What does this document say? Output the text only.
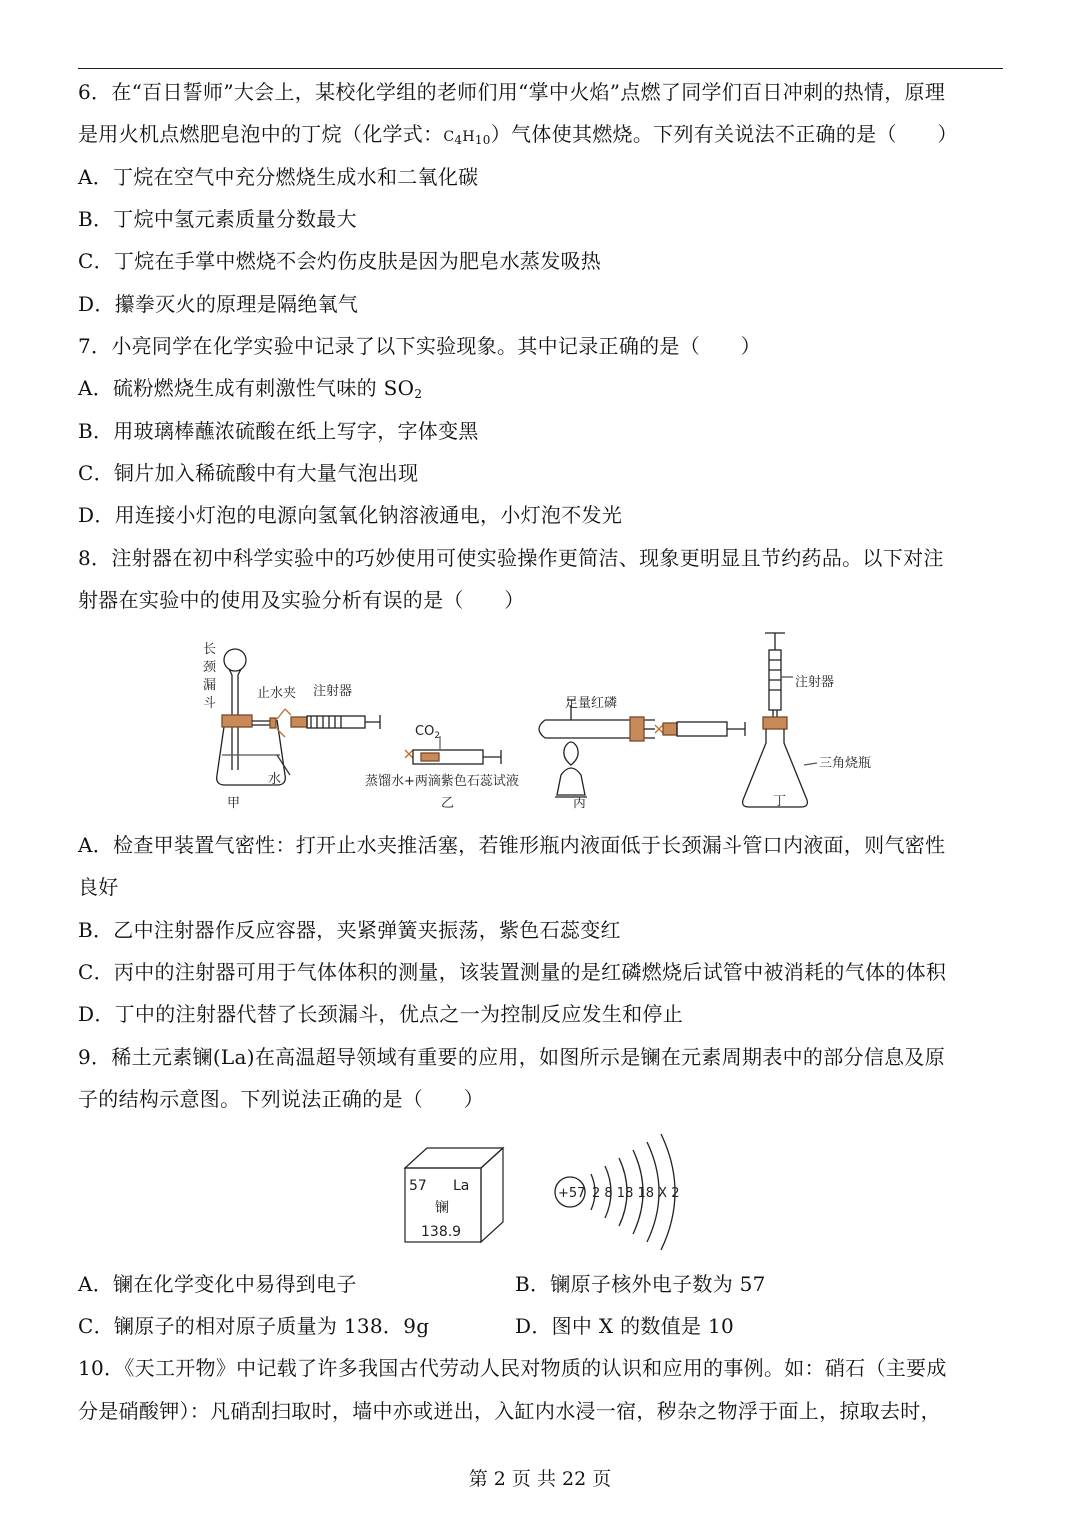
6．在“百日誓师”大会上，某校化学组的老师们用“掌中火焰”点燃了同学们百日冲刺的热情，原理
是用火机点燃肥皂泡中的丁烷（化学式：$C_4H_{10}$）气体使其燃烧。下列有关说法不正确的是（　　）
A．丁烷在空气中充分燃烧生成水和二氧化碳
B．丁烷中氢元素质量分数最大
C．丁烷在手掌中燃烧不会灼伤皮肤是因为肥皂水蒸发吸热
D．攥拳灭火的原理是隔绝氧气
7．小亮同学在化学实验中记录了以下实验现象。其中记录正确的是（　　）
A．硫粉燃烧生成有刺激性气味的 $SO_2$
B．用玻璃棒蘸浓硫酸在纸上写字，字体变黑
C．铜片加入稀硫酸中有大量气泡出现
D．用连接小灯泡的电源向氢氧化钠溶液通电，小灯泡不发光
8．注射器在初中科学实验中的巧妙使用可使实验操作更简洁、现象更明显且节约药品。以下对注
射器在实验中的使用及实验分析有误的是（　　）
长
颈
漏
斗
止水夹 注射器
水
$CO_2$
蒸馏水+两滴紫色石蕊试液
足量红磷
注射器
三角烧瓶
甲	乙	丙	丁
A．检查甲装置气密性：打开止水夹推活塞，若锥形瓶内液面低于长颈漏斗管口内液面，则气密性
良好
B．乙中注射器作反应容器，夹紧弹簧夹振荡，紫色石蕊变红
C．丙中的注射器可用于气体体积的测量，该装置测量的是红磷燃烧后试管中被消耗的气体的体积
D．丁中的注射器代替了长颈漏斗，优点之一为控制反应发生和停止
9．稀土元素镧(La)在高温超导领域有重要的应用，如图所示是镧在元素周期表中的部分信息及原
子的结构示意图。下列说法正确的是（　　）
57 La
镧
138.9
+57 2 8 18 18 X 2
A．镧在化学变化中易得到电子	B．镧原子核外电子数为 57
C．镧原子的相对原子质量为 138．9g	D．图中 X 的数值是 10
10．《天工开物》中记载了许多我国古代劳动人民对物质的认识和应用的事例。如：硝石（主要成
分是硝酸钾）：凡硝刮扫取时，墙中亦或迸出，入缸内水浸一宿，秽杂之物浮于面上，掠取去时，
第 2 页 共 22 页
